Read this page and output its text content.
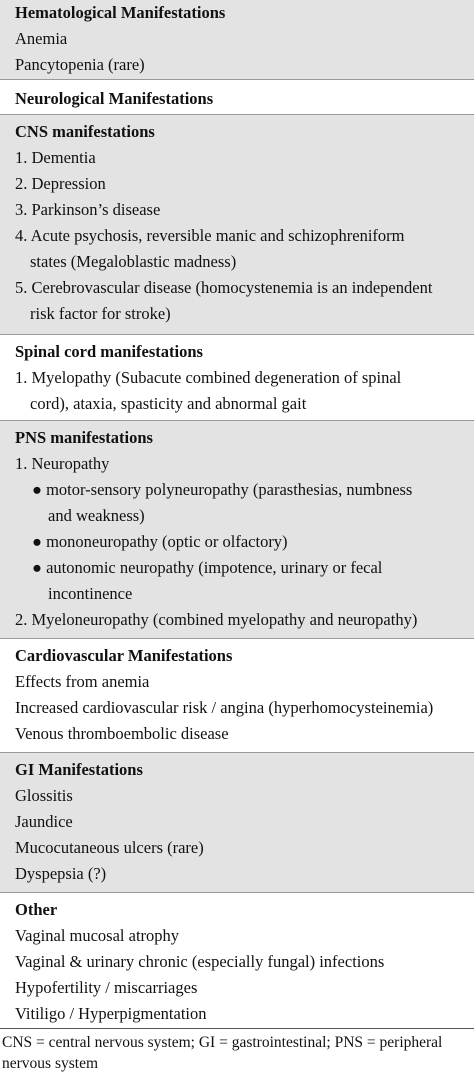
Hematological Manifestations
Anemia
Pancytopenia (rare)
Neurological Manifestations
CNS manifestations
1. Dementia
2. Depression
3. Parkinson’s disease
4. Acute psychosis, reversible manic and schizophreniform
states (Megaloblastic madness)
5. Cerebrovascular disease (homocystenemia is an independent
risk factor for stroke)
Spinal cord manifestations
1. Myelopathy (Subacute combined degeneration of spinal
cord), ataxia, spasticity and abnormal gait
PNS manifestations
1. Neuropathy
● motor-sensory polyneuropathy (parasthesias, numbness
and weakness)
● mononeuropathy (optic or olfactory)
● autonomic neuropathy (impotence, urinary or fecal
incontinence
2. Myeloneuropathy (combined myelopathy and neuropathy)
Cardiovascular Manifestations
Effects from anemia
Increased cardiovascular risk / angina (hyperhomocysteinemia)
Venous thromboembolic disease
GI Manifestations
Glossitis
Jaundice
Mucocutaneous ulcers (rare)
Dyspepsia (?)
Other
Vaginal mucosal atrophy
Vaginal & urinary chronic (especially fungal) infections
Hypofertility / miscarriages
Vitiligo / Hyperpigmentation
CNS = central nervous system; GI = gastrointestinal; PNS = peripheral
nervous system
